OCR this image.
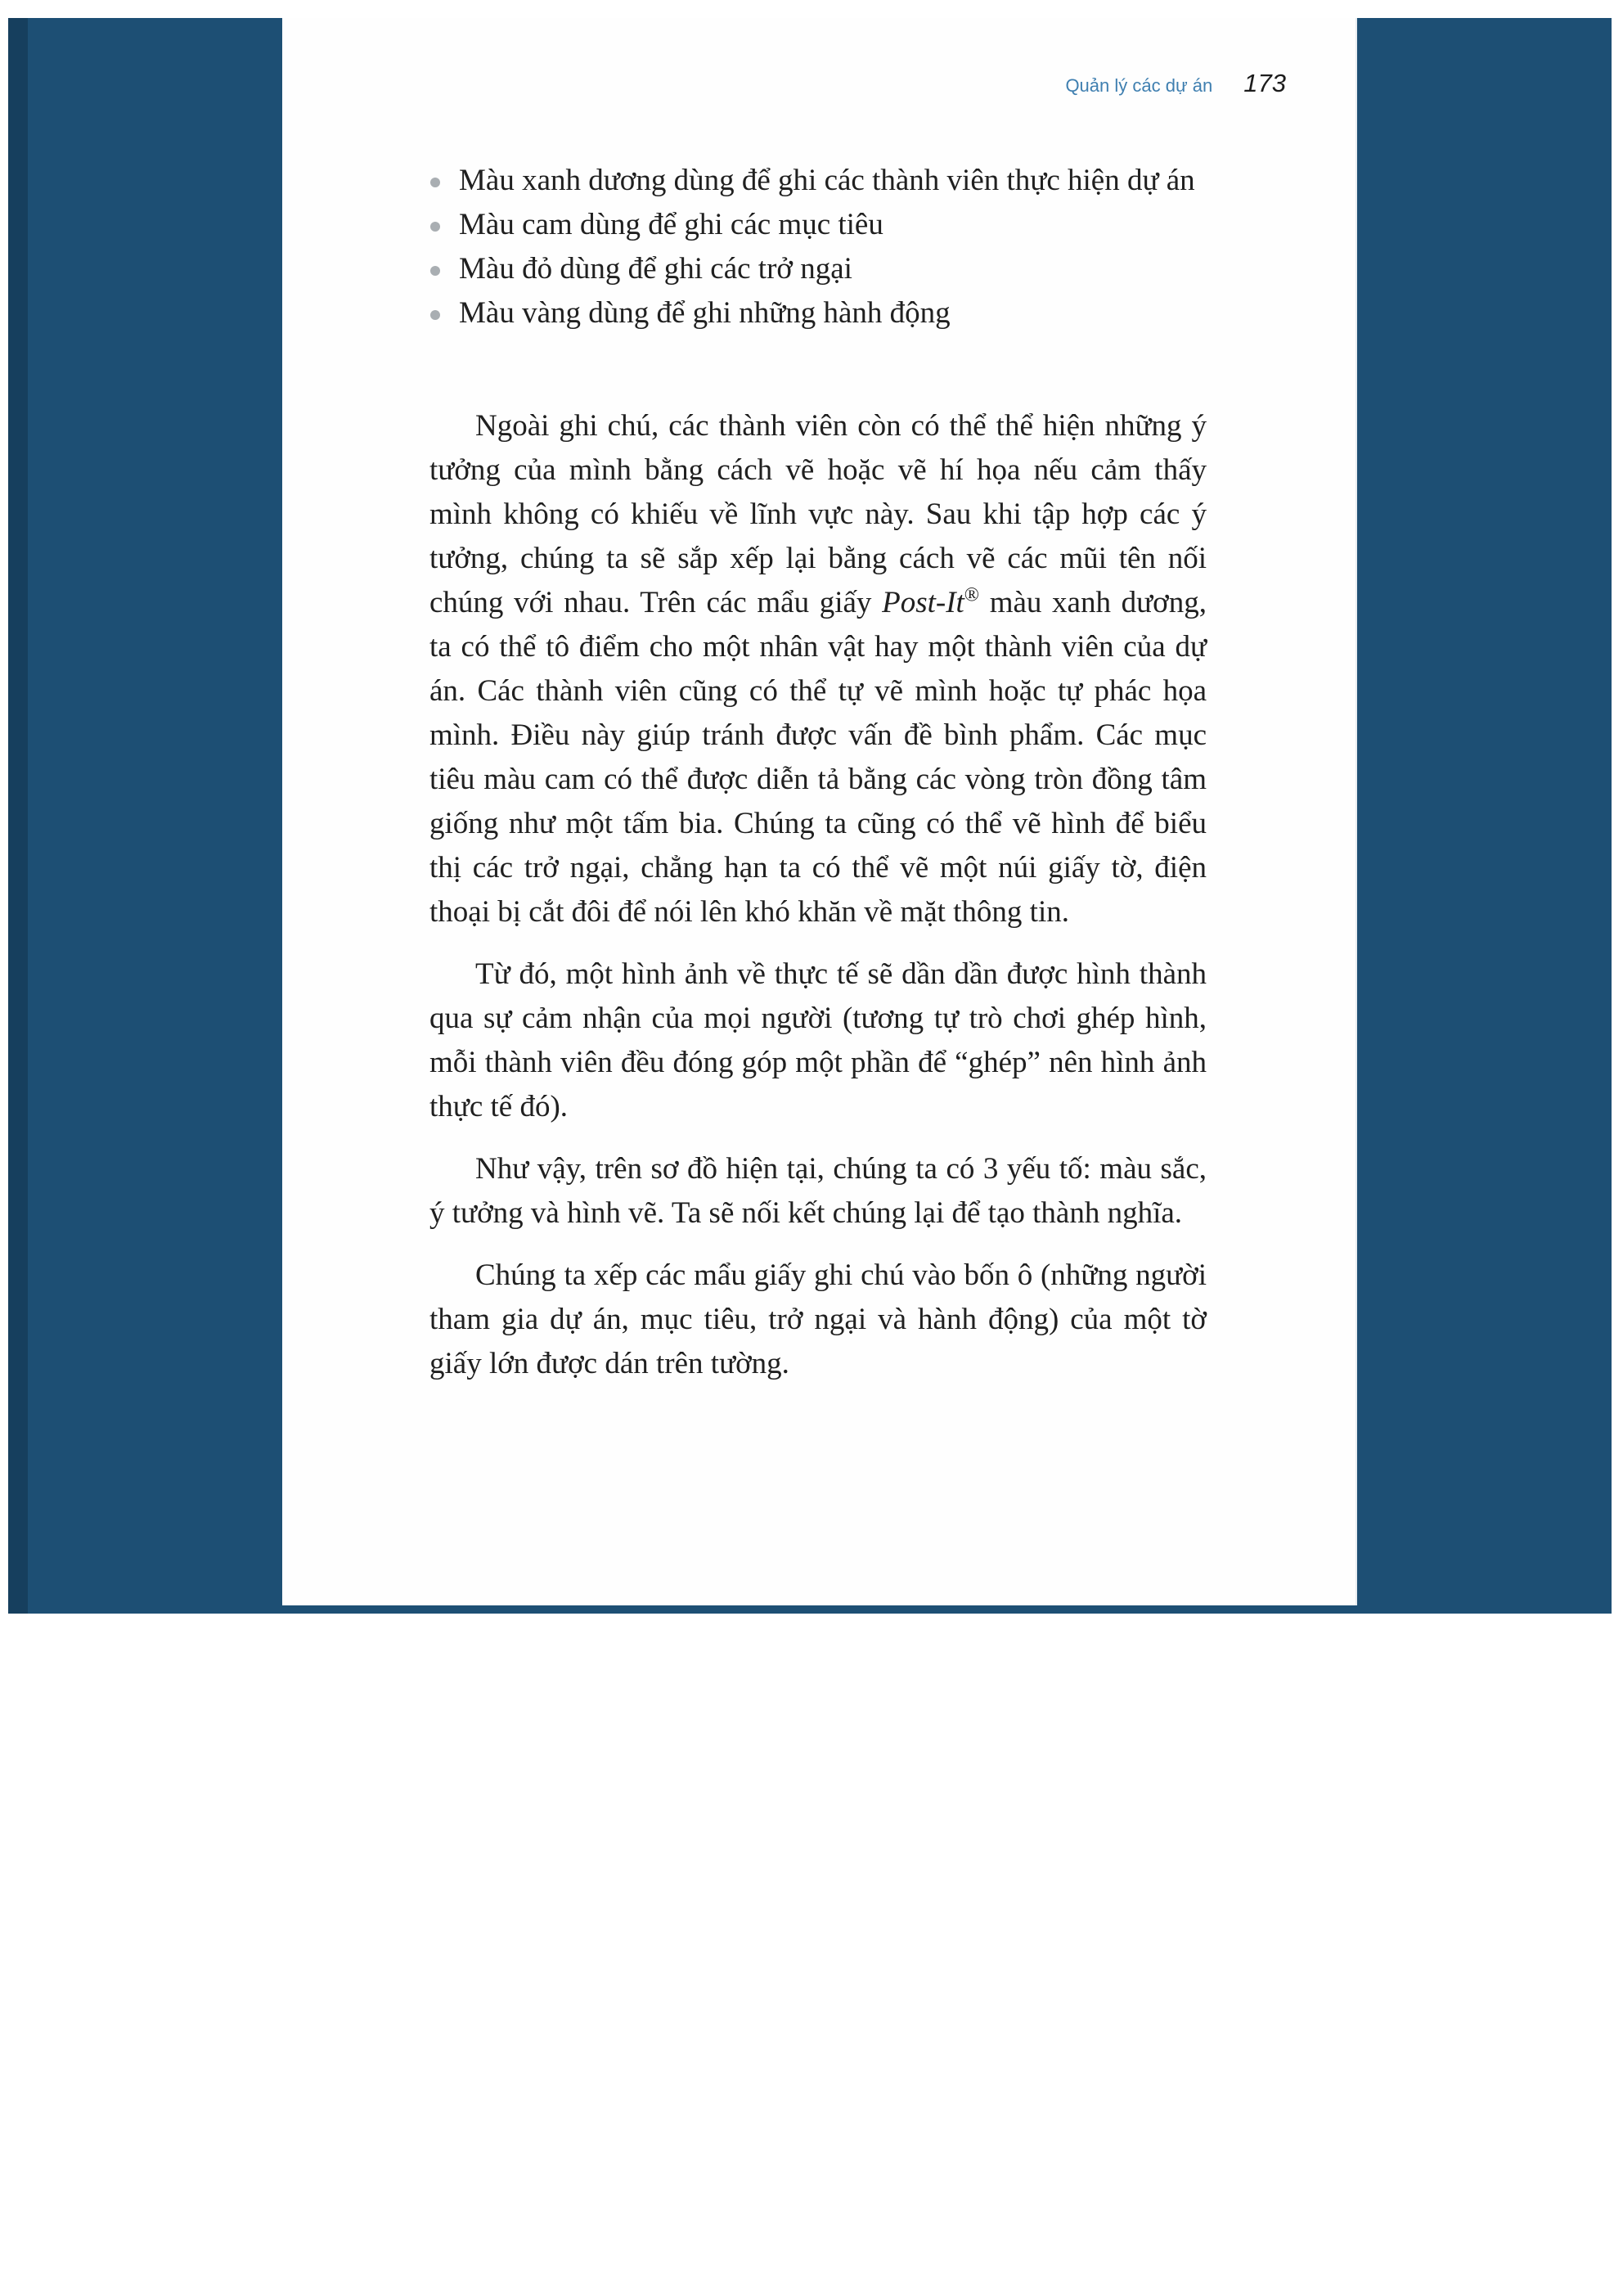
Quản lý các dự án 173
Màu xanh dương dùng để ghi các thành viên thực hiện dự án
Màu cam dùng để ghi các mục tiêu
Màu đỏ dùng để ghi các trở ngại
Màu vàng dùng để ghi những hành động

Ngoài ghi chú, các thành viên còn có thể thể hiện những ý tưởng của mình bằng cách vẽ hoặc vẽ hí họa nếu cảm thấy mình không có khiếu về lĩnh vực này. Sau khi tập hợp các ý tưởng, chúng ta sẽ sắp xếp lại bằng cách vẽ các mũi tên nối chúng với nhau. Trên các mẩu giấy Post-It® màu xanh dương, ta có thể tô điểm cho một nhân vật hay một thành viên của dự án. Các thành viên cũng có thể tự vẽ mình hoặc tự phác họa mình. Điều này giúp tránh được vấn đề bình phẩm. Các mục tiêu màu cam có thể được diễn tả bằng các vòng tròn đồng tâm giống như một tấm bia. Chúng ta cũng có thể vẽ hình để biểu thị các trở ngại, chẳng hạn ta có thể vẽ một núi giấy tờ, điện thoại bị cắt đôi để nói lên khó khăn về mặt thông tin.

Từ đó, một hình ảnh về thực tế sẽ dần dần được hình thành qua sự cảm nhận của mọi người (tương tự trò chơi ghép hình, mỗi thành viên đều đóng góp một phần để “ghép” nên hình ảnh thực tế đó).

Như vậy, trên sơ đồ hiện tại, chúng ta có 3 yếu tố: màu sắc, ý tưởng và hình vẽ. Ta sẽ nối kết chúng lại để tạo thành nghĩa.

Chúng ta xếp các mẩu giấy ghi chú vào bốn ô (những người tham gia dự án, mục tiêu, trở ngại và hành động) của một tờ giấy lớn được dán trên tường.
